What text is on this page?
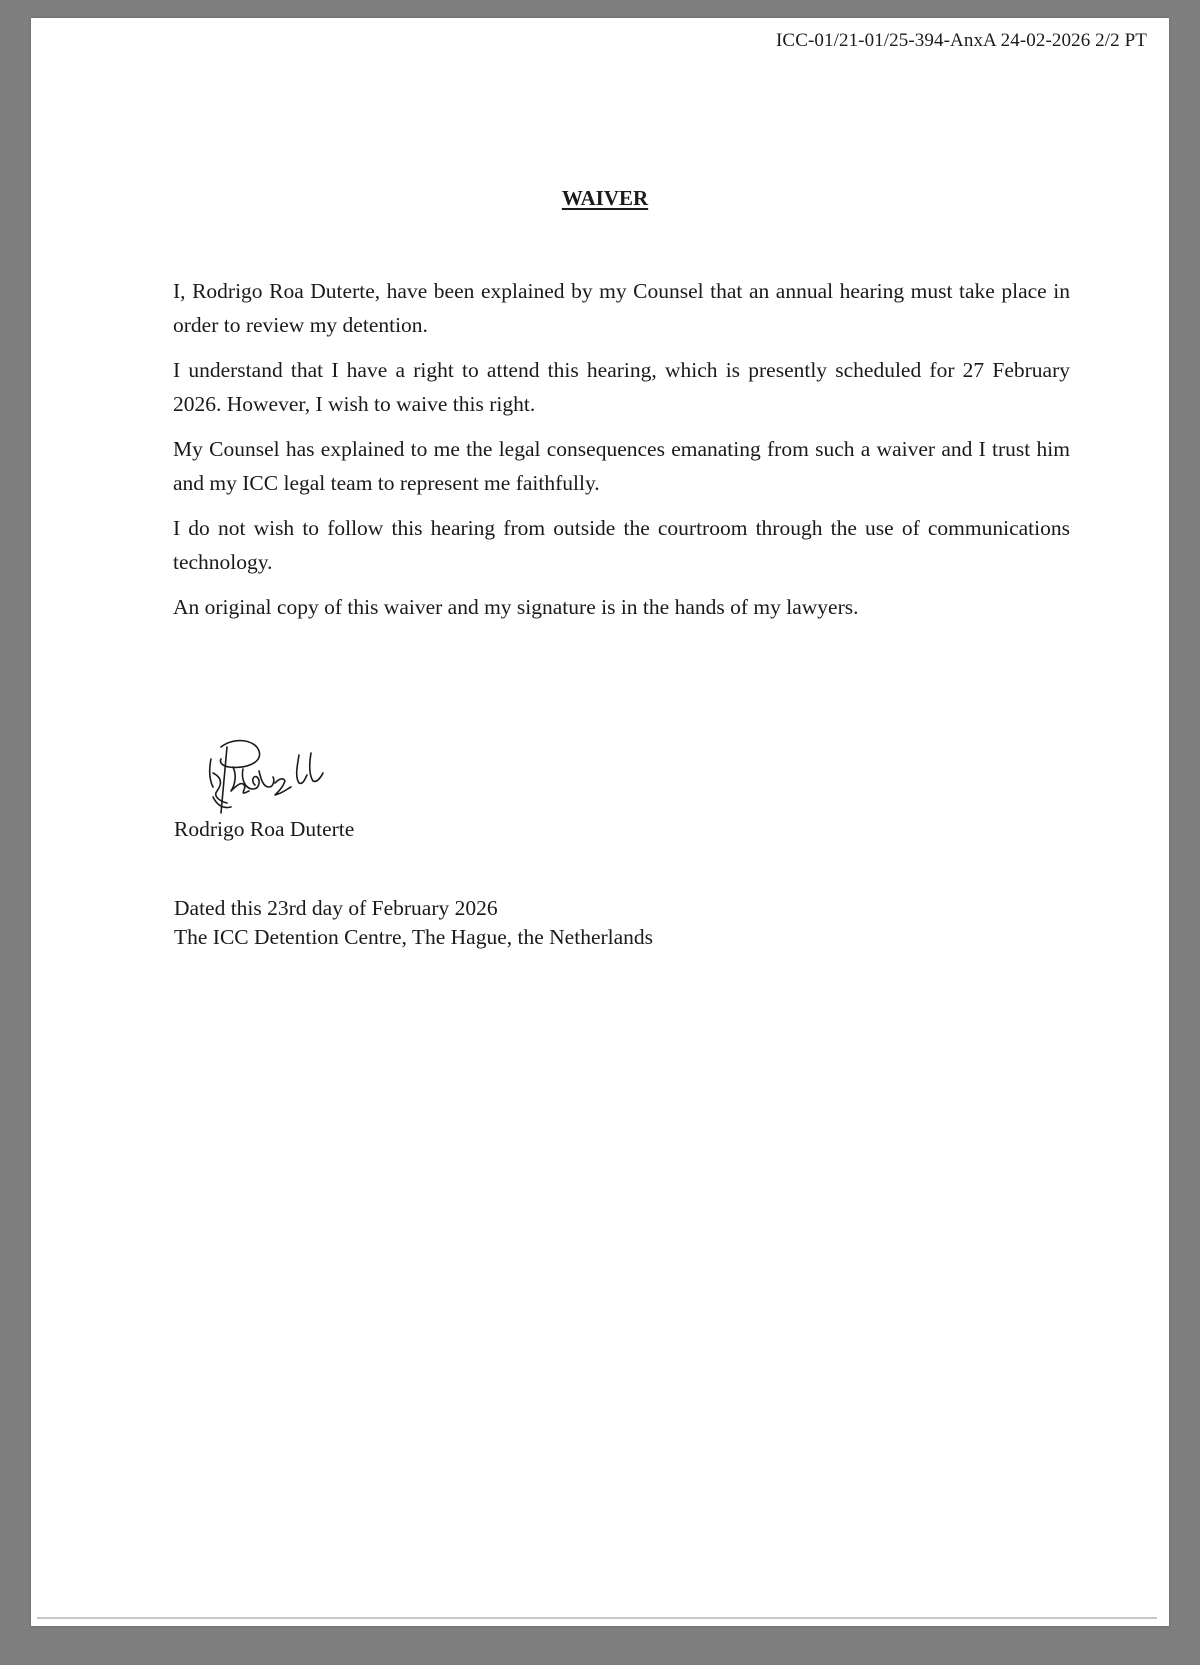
ICC-01/21-01/25-394-AnxA 24-02-2026 2/2 PT
WAIVER

I, Rodrigo Roa Duterte, have been explained by my Counsel that an annual hearing must take place in order to review my detention.

I understand that I have a right to attend this hearing, which is presently scheduled for 27 February 2026. However, I wish to waive this right.

My Counsel has explained to me the legal consequences emanating from such a waiver and I trust him and my ICC legal team to represent me faithfully.

I do not wish to follow this hearing from outside the courtroom through the use of communications technology.

An original copy of this waiver and my signature is in the hands of my lawyers.

Rodrigo Roa Duterte
Dated this 23rd day of February 2026
The ICC Detention Centre, The Hague, the Netherlands
